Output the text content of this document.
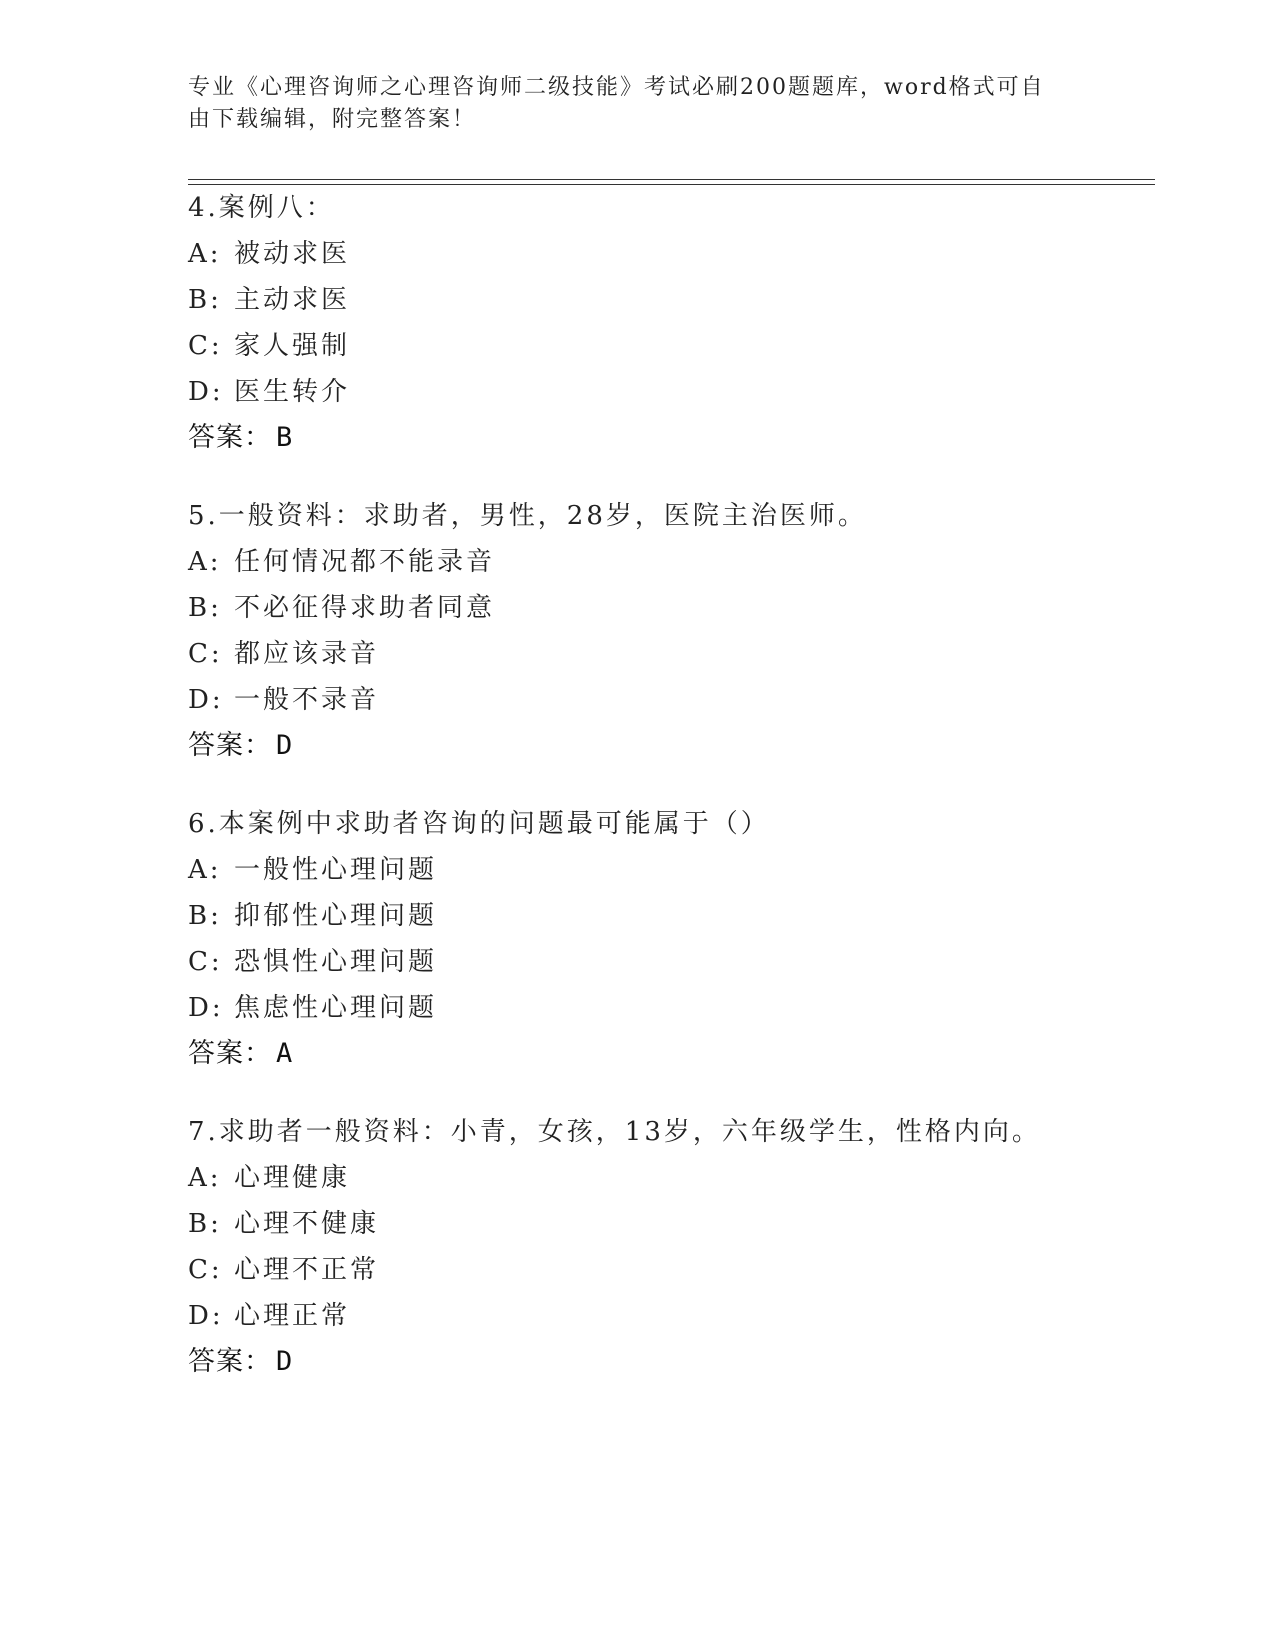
专业《心理咨询师之心理咨询师二级技能》考试必刷200题题库，word格式可自由下载编辑，附完整答案！
4.案例八：
A: 被动求医
B: 主动求医
C: 家人强制
D: 医生转介
答案： B
5.一般资料：求助者，男性，28岁，医院主治医师。
A: 任何情况都不能录音
B: 不必征得求助者同意
C: 都应该录音
D: 一般不录音
答案： D
6.本案例中求助者咨询的问题最可能属于（）
A: 一般性心理问题
B: 抑郁性心理问题
C: 恐惧性心理问题
D: 焦虑性心理问题
答案： A
7.求助者一般资料：小青，女孩，13岁，六年级学生，性格内向。
A: 心理健康
B: 心理不健康
C: 心理不正常
D: 心理正常
答案： D
